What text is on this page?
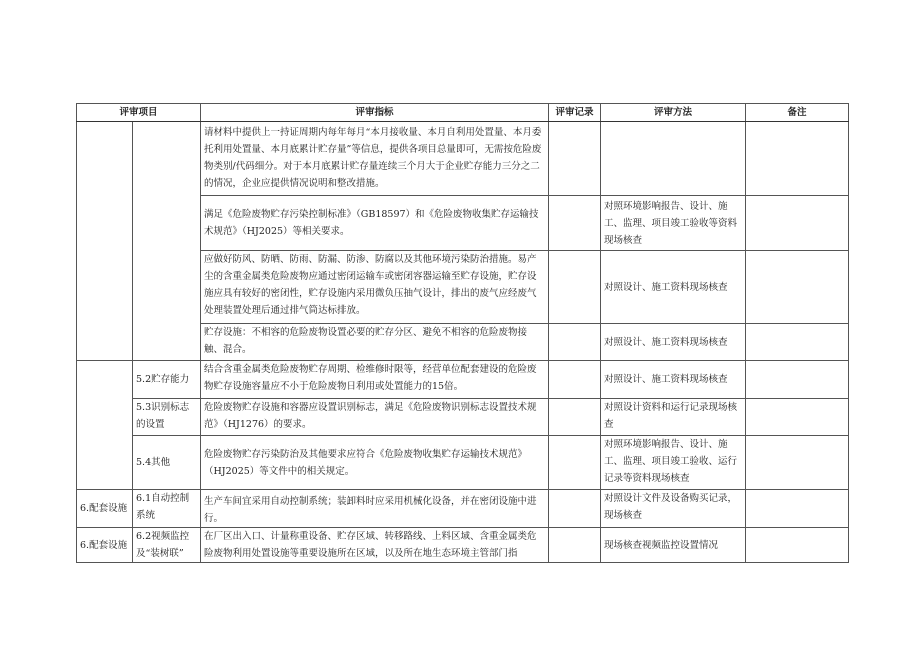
评审项目		评审指标	评审记录	评审方法	备注
		请材料中提供上一持证周期内每年每月“本月接收量、本月自利用处置量、本月委托利用处置量、本月底累计贮存量”等信息，提供各项目总量即可，无需按危险废物类别/代码细分。对于本月底累计贮存量连续三个月大于企业贮存能力三分之二的情况，企业应提供情况说明和整改措施。			
		满足《危险废物贮存污染控制标准》（GB18597）和《危险废物收集贮存运输技术规范》（HJ2025）等相关要求。		对照环境影响报告、设计、施工、监理、项目竣工验收等资料现场核查	
		应做好防风、防晒、防雨、防漏、防渗、防腐以及其他环境污染防治措施。易产尘的含重金属类危险废物应通过密闭运输车或密闭容器运输至贮存设施，贮存设施应具有较好的密闭性，贮存设施内采用微负压抽气设计，排出的废气应经废气处理装置处理后通过排气筒达标排放。		对照设计、施工资料现场核查	
		贮存设施：不相容的危险废物设置必要的贮存分区、避免不相容的危险废物接触、混合。		对照设计、施工资料现场核查	
	5.2贮存能力	结合含重金属类危险废物贮存周期、检维修时限等，经营单位配套建设的危险废物贮存设施容量应不小于危险废物日利用或处置能力的15倍。		对照设计、施工资料现场核查	
	5.3识别标志的设置	危险废物贮存设施和容器应设置识别标志，满足《危险废物识别标志设置技术规范》（HJ1276）的要求。		对照设计资料和运行记录现场核查	
	5.4其他	危险废物贮存污染防治及其他要求应符合《危险废物收集贮存运输技术规范》（HJ2025）等文件中的相关规定。		对照环境影响报告、设计、施工、监理、项目竣工验收、运行记录等资料现场核查	
6.配套设施	6.1自动控制系统	生产车间宜采用自动控制系统；装卸料时应采用机械化设备，并在密闭设施中进行。		对照设计文件及设备购买记录，现场核查	
6.配套设施	6.2视频监控及“装树联”	在厂区出入口、计量称重设备、贮存区域、转移路线、上料区域、含重金属类危险废物利用处置设施等重要设施所在区域，以及所在地生态环境主管部门指		现场核查视频监控设置情况	
